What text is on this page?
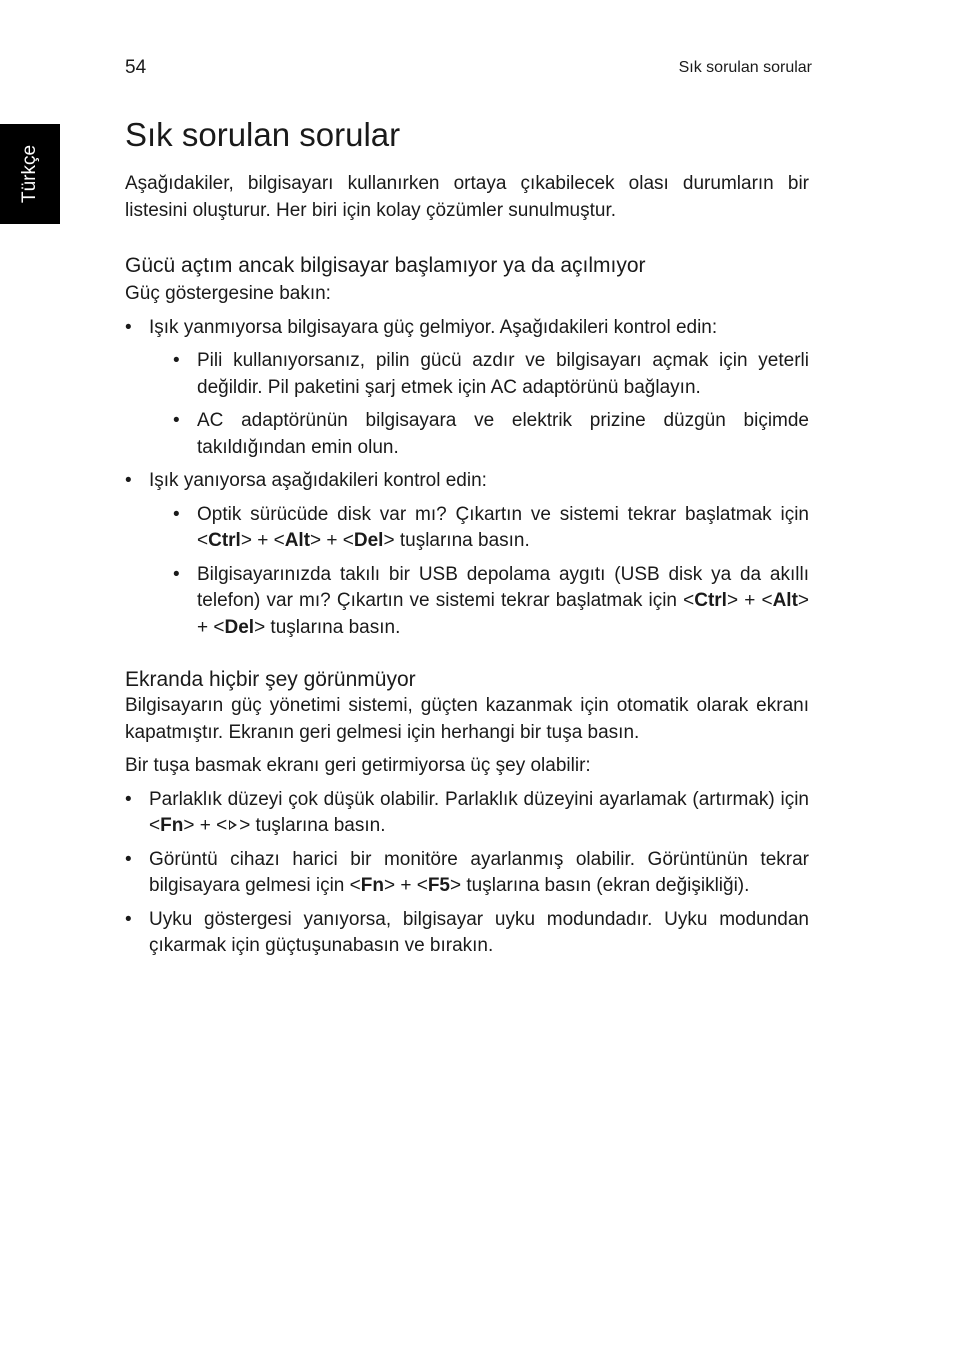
Türkçe
54	Sık sorulan sorular
Sık sorulan sorular

Aşağıdakiler, bilgisayarı kullanırken ortaya çıkabilecek olası durumların bir listesini oluşturur. Her biri için kolay çözümler sunulmuştur.

Gücü açtım ancak bilgisayar başlamıyor ya da açılmıyor

Güç göstergesine bakın:

• Işık yanmıyorsa bilgisayara güç gelmiyor. Aşağıdakileri kontrol edin:
• Pili kullanıyorsanız, pilin gücü azdır ve bilgisayarı açmak için yeterli değildir. Pil paketini şarj etmek için AC adaptörünü bağlayın.
• AC adaptörünün bilgisayara ve elektrik prizine düzgün biçimde takıldığından emin olun.
• Işık yanıyorsa aşağıdakileri kontrol edin:
• Optik sürücüde disk var mı? Çıkartın ve sistemi tekrar başlatmak için <Ctrl> + <Alt> + <Del> tuşlarına basın.
• Bilgisayarınızda takılı bir USB depolama aygıtı (USB disk ya da akıllı telefon) var mı? Çıkartın ve sistemi tekrar başlatmak için <Ctrl> + <Alt> + <Del> tuşlarına basın.
Ekranda hiçbir şey görünmüyor

Bilgisayarın güç yönetimi sistemi, güçten kazanmak için otomatik olarak ekranı kapatmıştır. Ekranın geri gelmesi için herhangi bir tuşa basın.

Bir tuşa basmak ekranı geri getirmiyorsa üç şey olabilir:

• Parlaklık düzeyi çok düşük olabilir. Parlaklık düzeyini ayarlamak (artırmak) için <Fn> + < > tuşlarına basın.
• Görüntü cihazı harici bir monitöre ayarlanmış olabilir. Görüntünün tekrar bilgisayara gelmesi için <Fn> + <F5> tuşlarına basın (ekran değişikliği).
• Uyku göstergesi yanıyorsa, bilgisayar uyku modundadır. Uyku modundan çıkarmak için güçtuşunabasın ve bırakın.
